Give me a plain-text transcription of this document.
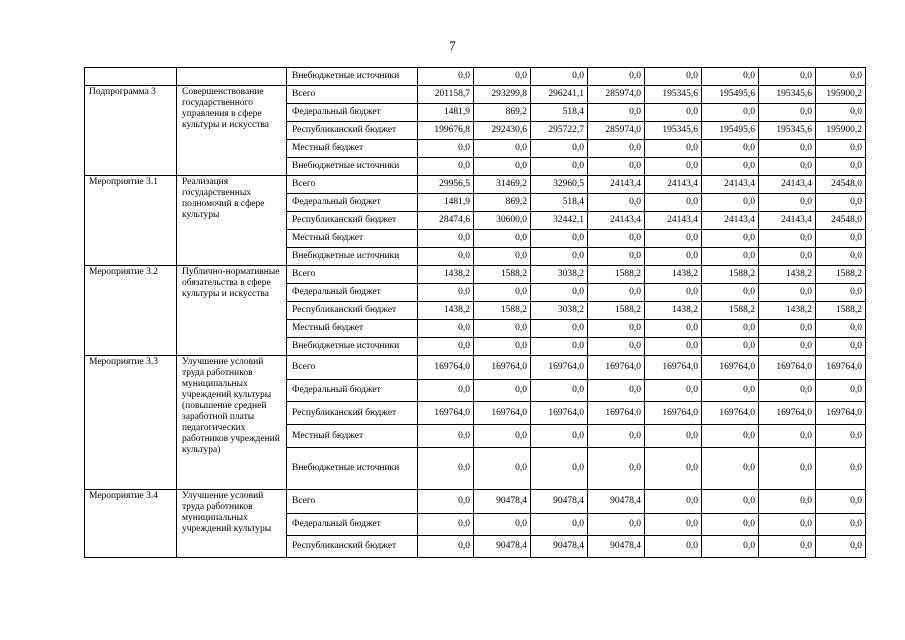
7
		Внебюджетные источники	0,0	0,0	0,0	0,0	0,0	0,0	0,0	0,0
Подпрограмма 3	Совершенствование государственного управления в сфере культуры и искусства	Всего	201158,7	293299,8	296241,1	285974,0	195345,6	195495,6	195345,6	195900,2
		Федеральный бюджет	1481,9	869,2	518,4	0,0	0,0	0,0	0,0	0,0
		Республиканский бюджет	199676,8	292430,6	295722,7	285974,0	195345,6	195495,6	195345,6	195900,2
		Местный бюджет	0,0	0,0	0,0	0,0	0,0	0,0	0,0	0,0
		Внебюджетные источники	0,0	0,0	0,0	0,0	0,0	0,0	0,0	0,0
Мероприятие 3.1	Реализация государственных полномочий в сфере культуры	Всего	29956,5	31469,2	32960,5	24143,4	24143,4	24143,4	24143,4	24548,0
		Федеральный бюджет	1481,9	869,2	518,4	0,0	0,0	0,0	0,0	0,0
		Республиканский бюджет	28474,6	30600,0	32442,1	24143,4	24143,4	24143,4	24143,4	24548,0
		Местный бюджет	0,0	0,0	0,0	0,0	0,0	0,0	0,0	0,0
		Внебюджетные источники	0,0	0,0	0,0	0,0	0,0	0,0	0,0	0,0
Мероприятие 3.2	Публично-нормативные обязательства в сфере культуры и искусства	Всего	1438,2	1588,2	3038,2	1588,2	1438,2	1588,2	1438,2	1588,2
		Федеральный бюджет	0,0	0,0	0,0	0,0	0,0	0,0	0,0	0,0
		Республиканский бюджет	1438,2	1588,2	3038,2	1588,2	1438,2	1588,2	1438,2	1588,2
		Местный бюджет	0,0	0,0	0,0	0,0	0,0	0,0	0,0	0,0
		Внебюджетные источники	0,0	0,0	0,0	0,0	0,0	0,0	0,0	0,0
Мероприятие 3.3	Улучшение условий труда работников муниципальных учреждений культуры (повышение средней заработной платы педагогических работников учреждений культура)	Всего	169764,0	169764,0	169764,0	169764,0	169764,0	169764,0	169764,0	169764,0
		Федеральный бюджет	0,0	0,0	0,0	0,0	0,0	0,0	0,0	0,0
		Республиканский бюджет	169764,0	169764,0	169764,0	169764,0	169764,0	169764,0	169764,0	169764,0
		Местный бюджет	0,0	0,0	0,0	0,0	0,0	0,0	0,0	0,0
		Внебюджетные источники	0,0	0,0	0,0	0,0	0,0	0,0	0,0	0,0
Мероприятие 3.4	Улучшение условий труда работников муниципальных учреждений культуры	Всего	0,0	90478,4	90478,4	90478,4	0,0	0,0	0,0	0,0
		Федеральный бюджет	0,0	0,0	0,0	0,0	0,0	0,0	0,0	0,0
		Республиканский бюджет	0,0	90478,4	90478,4	90478,4	0,0	0,0	0,0	0,0
